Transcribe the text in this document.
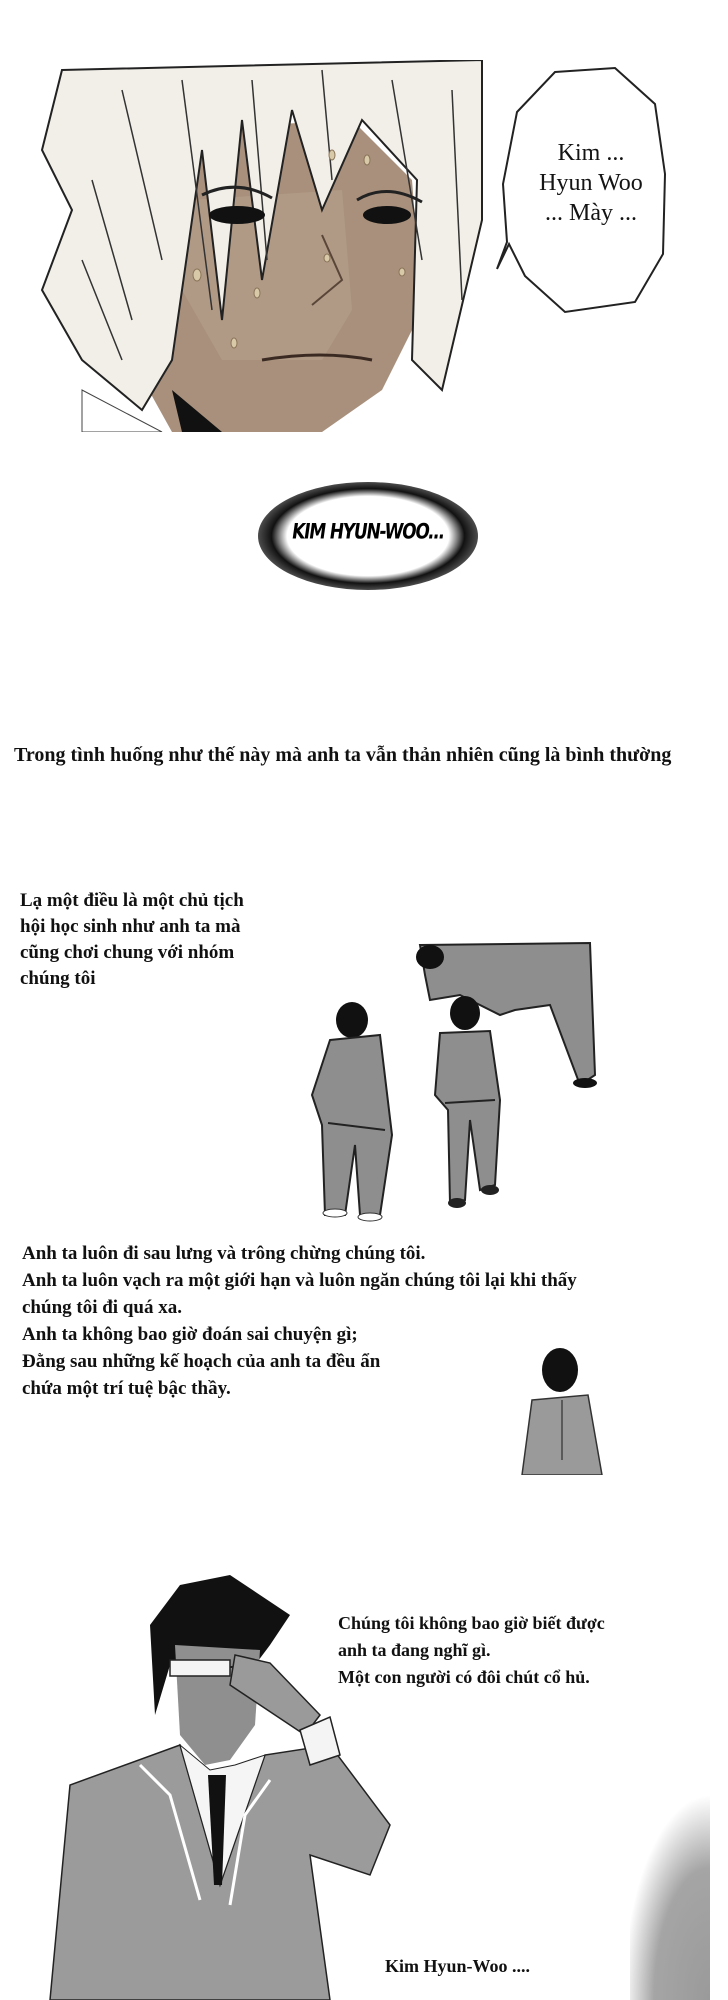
Kim ...
Hyun Woo
... Mày ...
KIM HYUN-WOO...
Trong tình huống như thế này mà anh ta vẫn thản nhiên cũng là bình thường
Lạ một điều là một chủ tịch
hội học sinh như anh ta mà
cũng chơi chung với nhóm
chúng tôi
Anh ta luôn đi sau lưng và trông chừng chúng tôi.
Anh ta luôn vạch ra một giới hạn và luôn ngăn chúng tôi lại khi thấy
chúng tôi đi quá xa.
Anh ta không bao giờ đoán sai chuyện gì;
Đằng sau những kế hoạch của anh ta đều ẩn
chứa một trí tuệ bậc thầy.
Chúng tôi không bao giờ biết được
anh ta đang nghĩ gì.
Một con người có đôi chút cổ hủ.
Kim Hyun-Woo ....
